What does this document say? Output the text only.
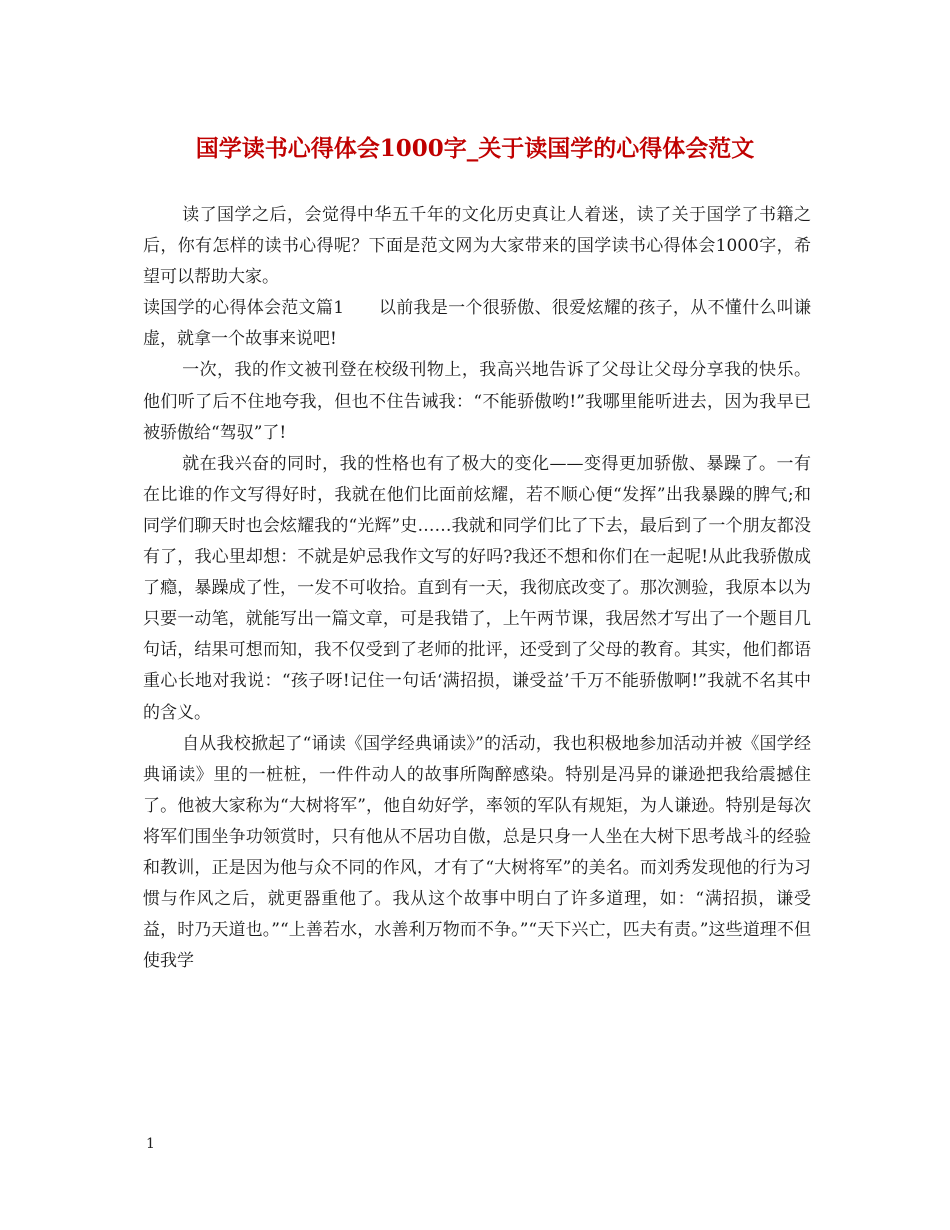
国学读书心得体会1000字_关于读国学的心得体会范文

读了国学之后，会觉得中华五千年的文化历史真让人着迷，读了关于国学了书籍之后，你有怎样的读书心得呢？下面是范文网为大家带来的国学读书心得体会1000字，希望可以帮助大家。

读国学的心得体会范文篇1　　以前我是一个很骄傲、很爱炫耀的孩子，从不懂什么叫谦虚，就拿一个故事来说吧!

一次，我的作文被刊登在校级刊物上，我高兴地告诉了父母让父母分享我的快乐。他们听了后不住地夸我，但也不住告诫我：“不能骄傲哟!”我哪里能听进去，因为我早已被骄傲给“驾驭”了!

就在我兴奋的同时，我的性格也有了极大的变化——变得更加骄傲、暴躁了。一有在比谁的作文写得好时，我就在他们比面前炫耀，若不顺心便“发挥”出我暴躁的脾气;和同学们聊天时也会炫耀我的“光辉”史……我就和同学们比了下去，最后到了一个朋友都没有了，我心里却想：不就是妒忌我作文写的好吗?我还不想和你们在一起呢!从此我骄傲成了瘾，暴躁成了性，一发不可收拾。直到有一天，我彻底改变了。那次测验，我原本以为只要一动笔，就能写出一篇文章，可是我错了，上午两节课，我居然才写出了一个题目几句话，结果可想而知，我不仅受到了老师的批评，还受到了父母的教育。其实，他们都语重心长地对我说：“孩子呀!记住一句话‘满招损，谦受益’千万不能骄傲啊!”我就不名其中的含义。

自从我校掀起了“诵读《国学经典诵读》”的活动，我也积极地参加活动并被《国学经典诵读》里的一桩桩，一件件动人的故事所陶醉感染。特别是冯异的谦逊把我给震撼住了。他被大家称为“大树将军”，他自幼好学，率领的军队有规矩，为人谦逊。特别是每次将军们围坐争功领赏时，只有他从不居功自傲，总是只身一人坐在大树下思考战斗的经验和教训，正是因为他与众不同的作风，才有了“大树将军”的美名。而刘秀发现他的行为习惯与作风之后，就更器重他了。我从这个故事中明白了许多道理，如：“满招损，谦受益，时乃天道也。”“上善若水，水善利万物而不争。”“天下兴亡，匹夫有责。”这些道理不但使我学

1
